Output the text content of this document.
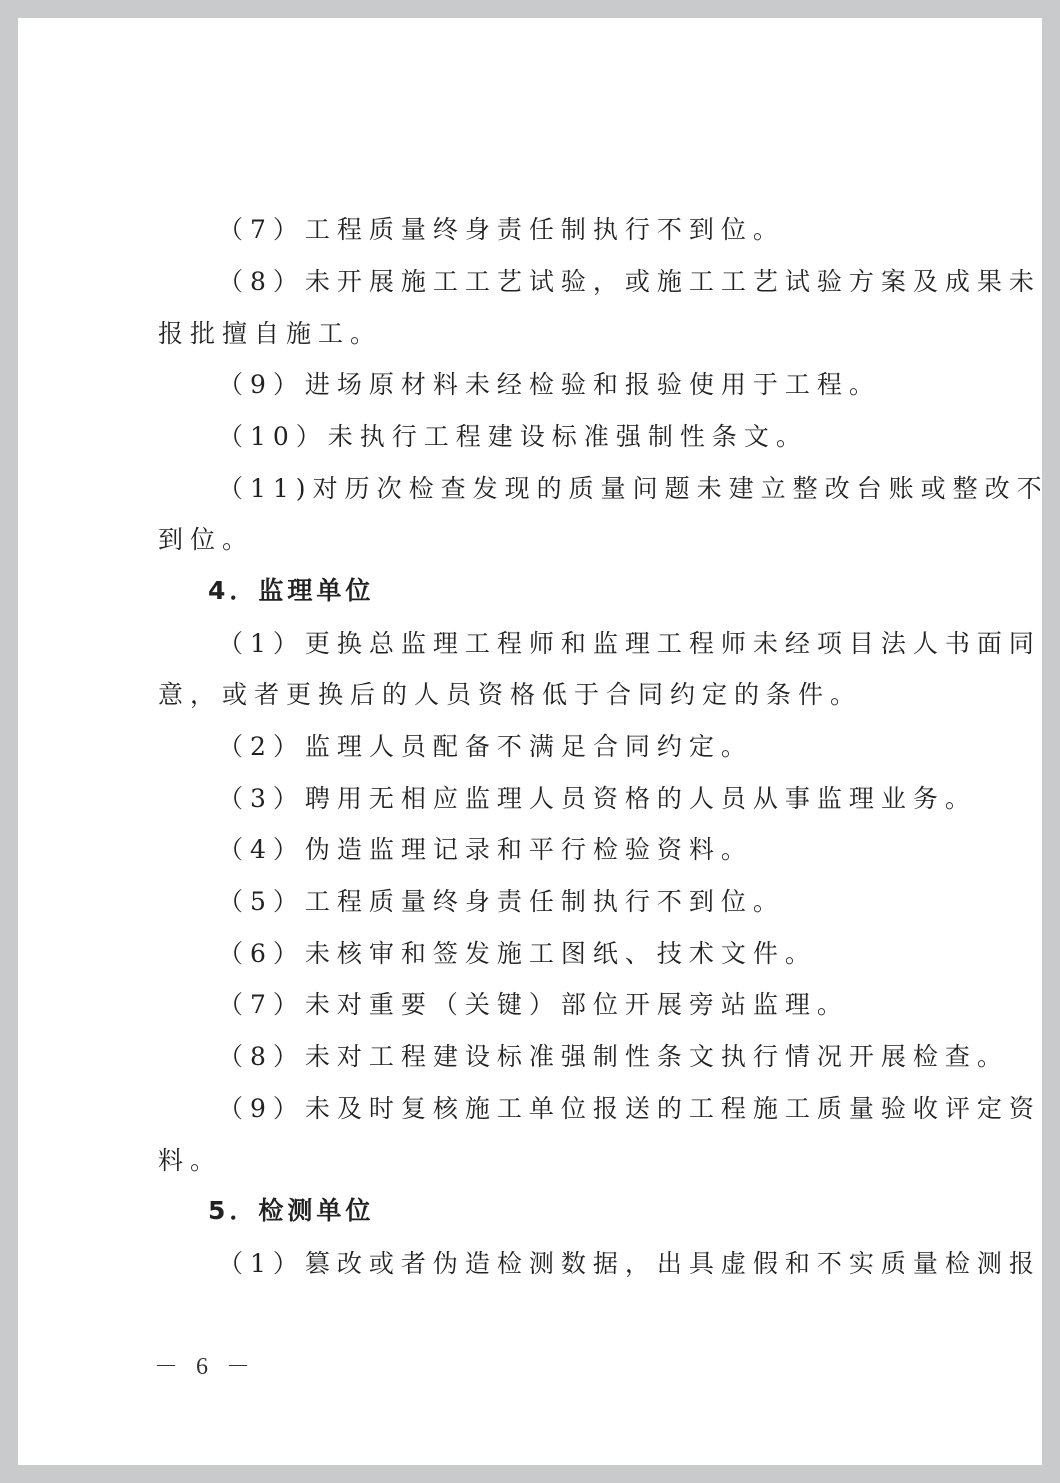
（7）工程质量终身责任制执行不到位。
（8）未开展施工工艺试验，或施工工艺试验方案及成果未
报批擅自施工。
（9）进场原材料未经检验和报验使用于工程。
（10）未执行工程建设标准强制性条文。
（11)对历次检查发现的质量问题未建立整改台账或整改不
到位。
4．监理单位
（1）更换总监理工程师和监理工程师未经项目法人书面同
意，或者更换后的人员资格低于合同约定的条件。
（2）监理人员配备不满足合同约定。
（3）聘用无相应监理人员资格的人员从事监理业务。
（4）伪造监理记录和平行检验资料。
（5）工程质量终身责任制执行不到位。
（6）未核审和签发施工图纸、技术文件。
（7）未对重要（关键）部位开展旁站监理。
（8）未对工程建设标准强制性条文执行情况开展检查。
（9）未及时复核施工单位报送的工程施工质量验收评定资
料。
5．检测单位
（1）篡改或者伪造检测数据，出具虚假和不实质量检测报
－ 6 －
